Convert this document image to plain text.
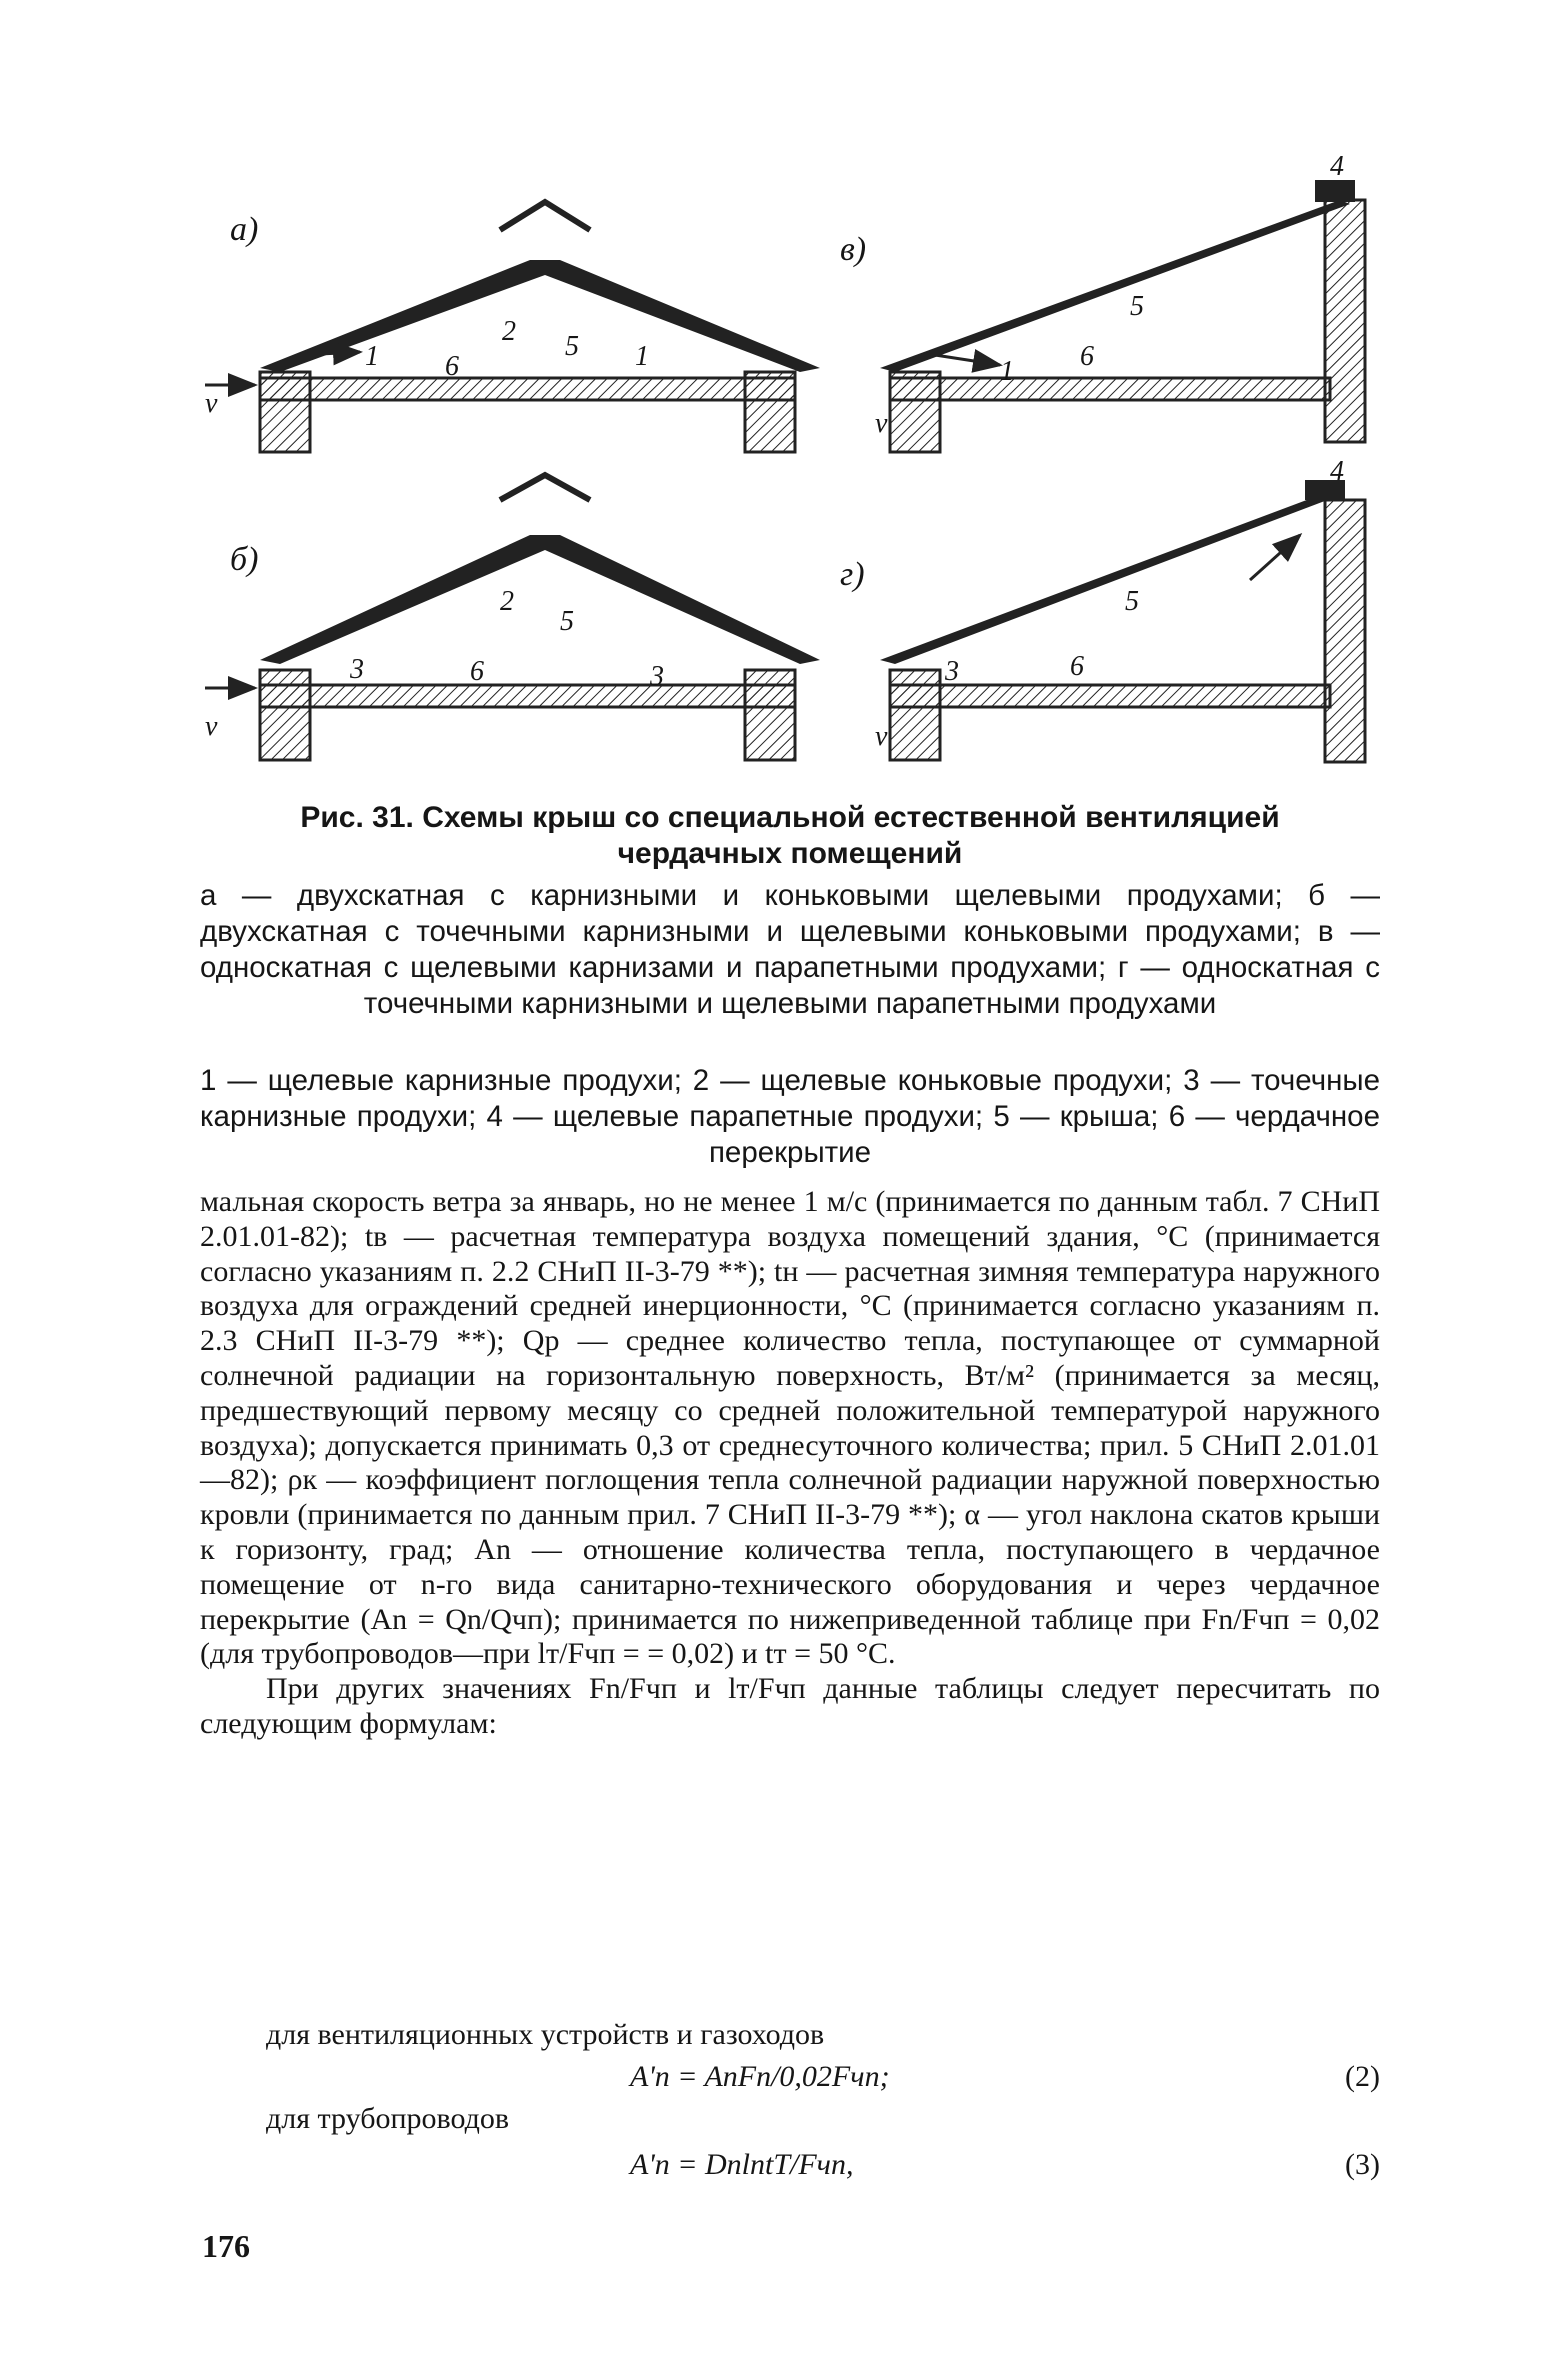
а)
v
1
2 5
6	1
в)
v
1
5
6
4
б)
v
3
2
5
6	3
г)
v
3
5
6
4
Рис. 31. Схемы крыш со специальной естественной вентиляцией
чердачных помещений
а — двухскатная с карнизными и коньковыми щелевыми продухами; б — двухскатная с точечными карнизными и щелевыми коньковыми продухами; в — односкатная с щелевыми карнизами и парапетными продухами; г — односкатная с точечными карнизными и щелевыми парапетными продухами
1 — щелевые карнизные продухи; 2 — щелевые коньковые продухи; 3 — точечные карнизные продухи; 4 — щелевые парапетные продухи; 5 — крыша; 6 — чердачное перекрытие

мальная скорость ветра за январь, но не менее 1 м/с (принимается по данным табл. 7 СНиП 2.01.01-82); tв — расчетная температура воздуха помещений здания, °С (принимается согласно указаниям п. 2.2 СНиП II-3-79 **); tн — расчетная зимняя температура наружного воздуха для ограждений средней инерционности, °С (принимается согласно указаниям п. 2.3 СНиП II-3-79 **); Qр — среднее количество тепла, поступающее от суммарной солнечной радиации на горизонтальную поверхность, Вт/м² (принимается за месяц, предшествующий первому месяцу со средней положительной температурой наружного воздуха); допускается принимать 0,3 от среднесуточного количества; прил. 5 СНиП 2.01.01—82); ρк — коэффициент поглощения тепла солнечной радиации наружной поверхностью кровли (принимается по данным прил. 7 СНиП II-3-79 **); α — угол наклона скатов крыши к горизонту, град; Аn — отношение количества тепла, поступающего в чердачное помещение от n-го вида санитарно-технического оборудования и через чердачное перекрытие (Аn = Qn/Qчп); принимается по нижеприведенной таблице при Fn/Fчп = 0,02 (для трубопроводов—при lт/Fчп = = 0,02) и tт = 50 °С.

При других значениях Fn/Fчп и lт/Fчп данные таблицы следует пересчитать по следующим формулам:

для вентиляционных устройств и газоходов
A'n = AnFn/0,02Fчп;	(2)
для трубопроводов
A'n = DnlntТ/Fчп,	(3)
176
